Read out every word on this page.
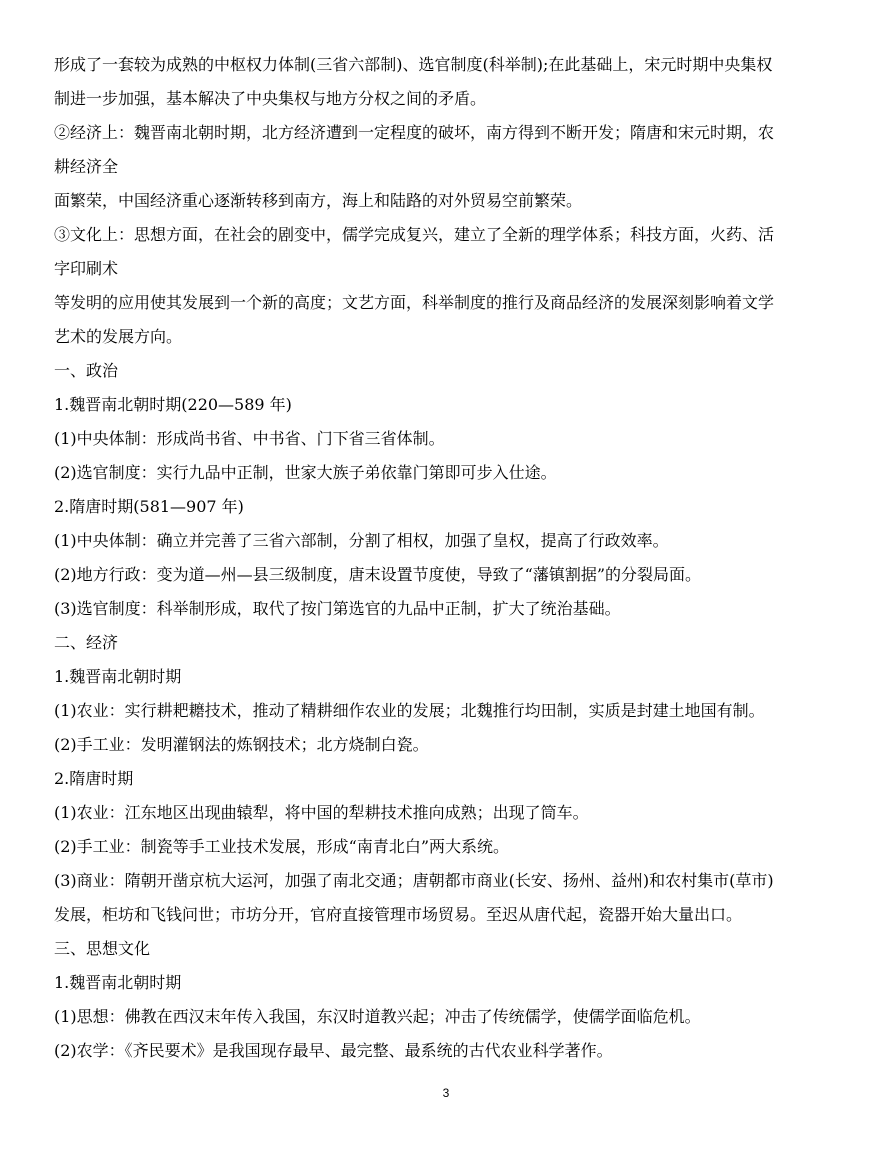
形成了一套较为成熟的中枢权力体制(三省六部制)、选官制度(科举制);在此基础上，宋元时期中央集权
制进一步加强，基本解决了中央集权与地方分权之间的矛盾。
②经济上：魏晋南北朝时期，北方经济遭到一定程度的破坏，南方得到不断开发；隋唐和宋元时期，农
耕经济全
面繁荣，中国经济重心逐渐转移到南方，海上和陆路的对外贸易空前繁荣。
③文化上：思想方面，在社会的剧变中，儒学完成复兴，建立了全新的理学体系；科技方面，火药、活
字印刷术
等发明的应用使其发展到一个新的高度；文艺方面，科举制度的推行及商品经济的发展深刻影响着文学
艺术的发展方向。
一、政治
1.魏晋南北朝时期(220—589 年)
(1)中央体制：形成尚书省、中书省、门下省三省体制。
(2)选官制度：实行九品中正制，世家大族子弟依靠门第即可步入仕途。
2.隋唐时期(581—907 年)
(1)中央体制：确立并完善了三省六部制，分割了相权，加强了皇权，提高了行政效率。
(2)地方行政：变为道—州—县三级制度，唐末设置节度使，导致了“藩镇割据”的分裂局面。
(3)选官制度：科举制形成，取代了按门第选官的九品中正制，扩大了统治基础。
二、经济
1.魏晋南北朝时期
(1)农业：实行耕耙耱技术，推动了精耕细作农业的发展；北魏推行均田制，实质是封建土地国有制。
(2)手工业：发明灌钢法的炼钢技术；北方烧制白瓷。
2.隋唐时期
(1)农业：江东地区出现曲辕犁，将中国的犁耕技术推向成熟；出现了筒车。
(2)手工业：制瓷等手工业技术发展，形成“南青北白”两大系统。
(3)商业：隋朝开凿京杭大运河，加强了南北交通；唐朝都市商业(长安、扬州、益州)和农村集市(草市)
发展，柜坊和飞钱问世；市坊分开，官府直接管理市场贸易。至迟从唐代起，瓷器开始大量出口。
三、思想文化
1.魏晋南北朝时期
(1)思想：佛教在西汉末年传入我国，东汉时道教兴起；冲击了传统儒学，使儒学面临危机。
(2)农学：《齐民要术》是我国现存最早、最完整、最系统的古代农业科学著作。
3
